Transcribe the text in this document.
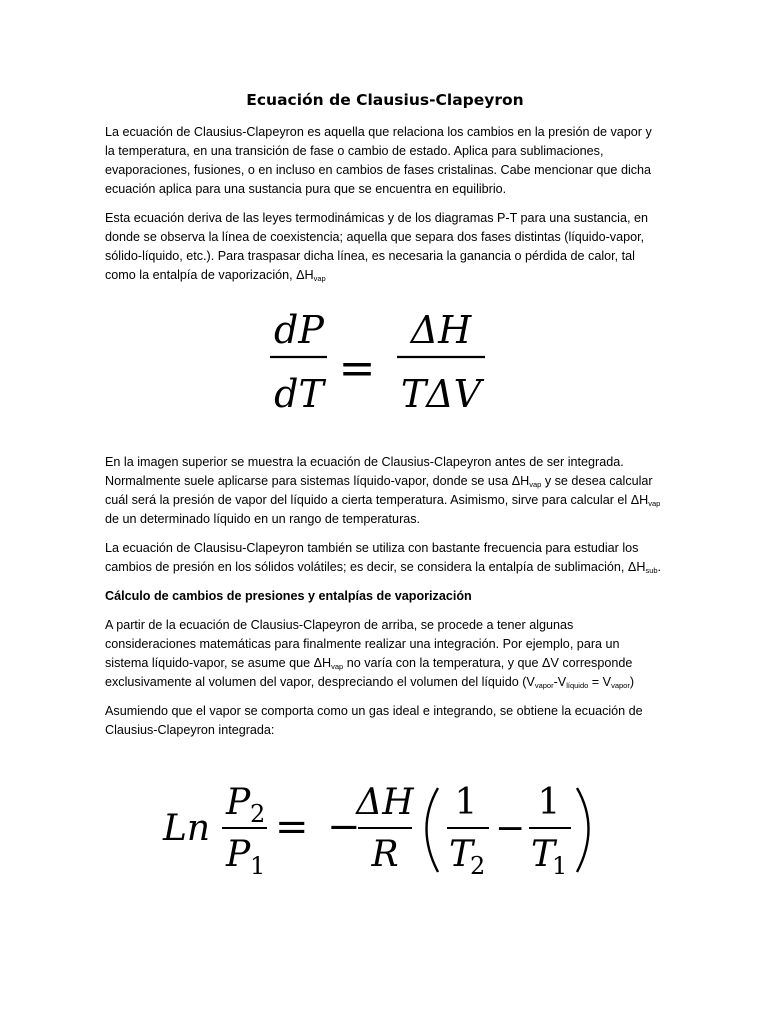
Ecuación de Clausius-Clapeyron

La ecuación de Clausius-Clapeyron es aquella que relaciona los cambios en la presión de vapor y la temperatura, en una transición de fase o cambio de estado. Aplica para sublimaciones, evaporaciones, fusiones, o en incluso en cambios de fases cristalinas. Cabe mencionar que dicha ecuación aplica para una sustancia pura que se encuentra en equilibrio.

Esta ecuación deriva de las leyes termodinámicas y de los diagramas P-T para una sustancia, en donde se observa la línea de coexistencia; aquella que separa dos fases distintas (líquido-vapor, sólido-líquido, etc.). Para traspasar dicha línea, es necesaria la ganancia o pérdida de calor, tal como la entalpía de vaporización, $\Delta H_{vap}$

dP
dT =
ΔH
TΔV

En la imagen superior se muestra la ecuación de Clausius-Clapeyron antes de ser integrada. Normalmente suele aplicarse para sistemas líquido-vapor, donde se usa $\Delta H_{vap}$ y se desea calcular cuál será la presión de vapor del líquido a cierta temperatura. Asimismo, sirve para calcular el $\Delta H_{vap}$ de un determinado líquido en un rango de temperaturas.

La ecuación de Clausisu-Clapeyron también se utiliza con bastante frecuencia para estudiar los cambios de presión en los sólidos volátiles; es decir, se considera la entalpía de sublimación, $\Delta H_{sub}$.

Cálculo de cambios de presiones y entalpías de vaporización

A partir de la ecuación de Clausius-Clapeyron de arriba, se procede a tener algunas consideraciones matemáticas para finalmente realizar una integración. Por ejemplo, para un sistema líquido-vapor, se asume que $\Delta H_{vap}$ no varía con la temperatura, y que ΔV corresponde exclusivamente al volumen del vapor, despreciando el volumen del líquido $(V_{vapor}-V_{líquido} = V_{vapor})$

Asumiendo que el vapor se comporta como un gas ideal e integrando, se obtiene la ecuación de Clausius-Clapeyron integrada:

Ln
P 2
P 1
= −
ΔH
R
1
T
2
−
1
T
1
